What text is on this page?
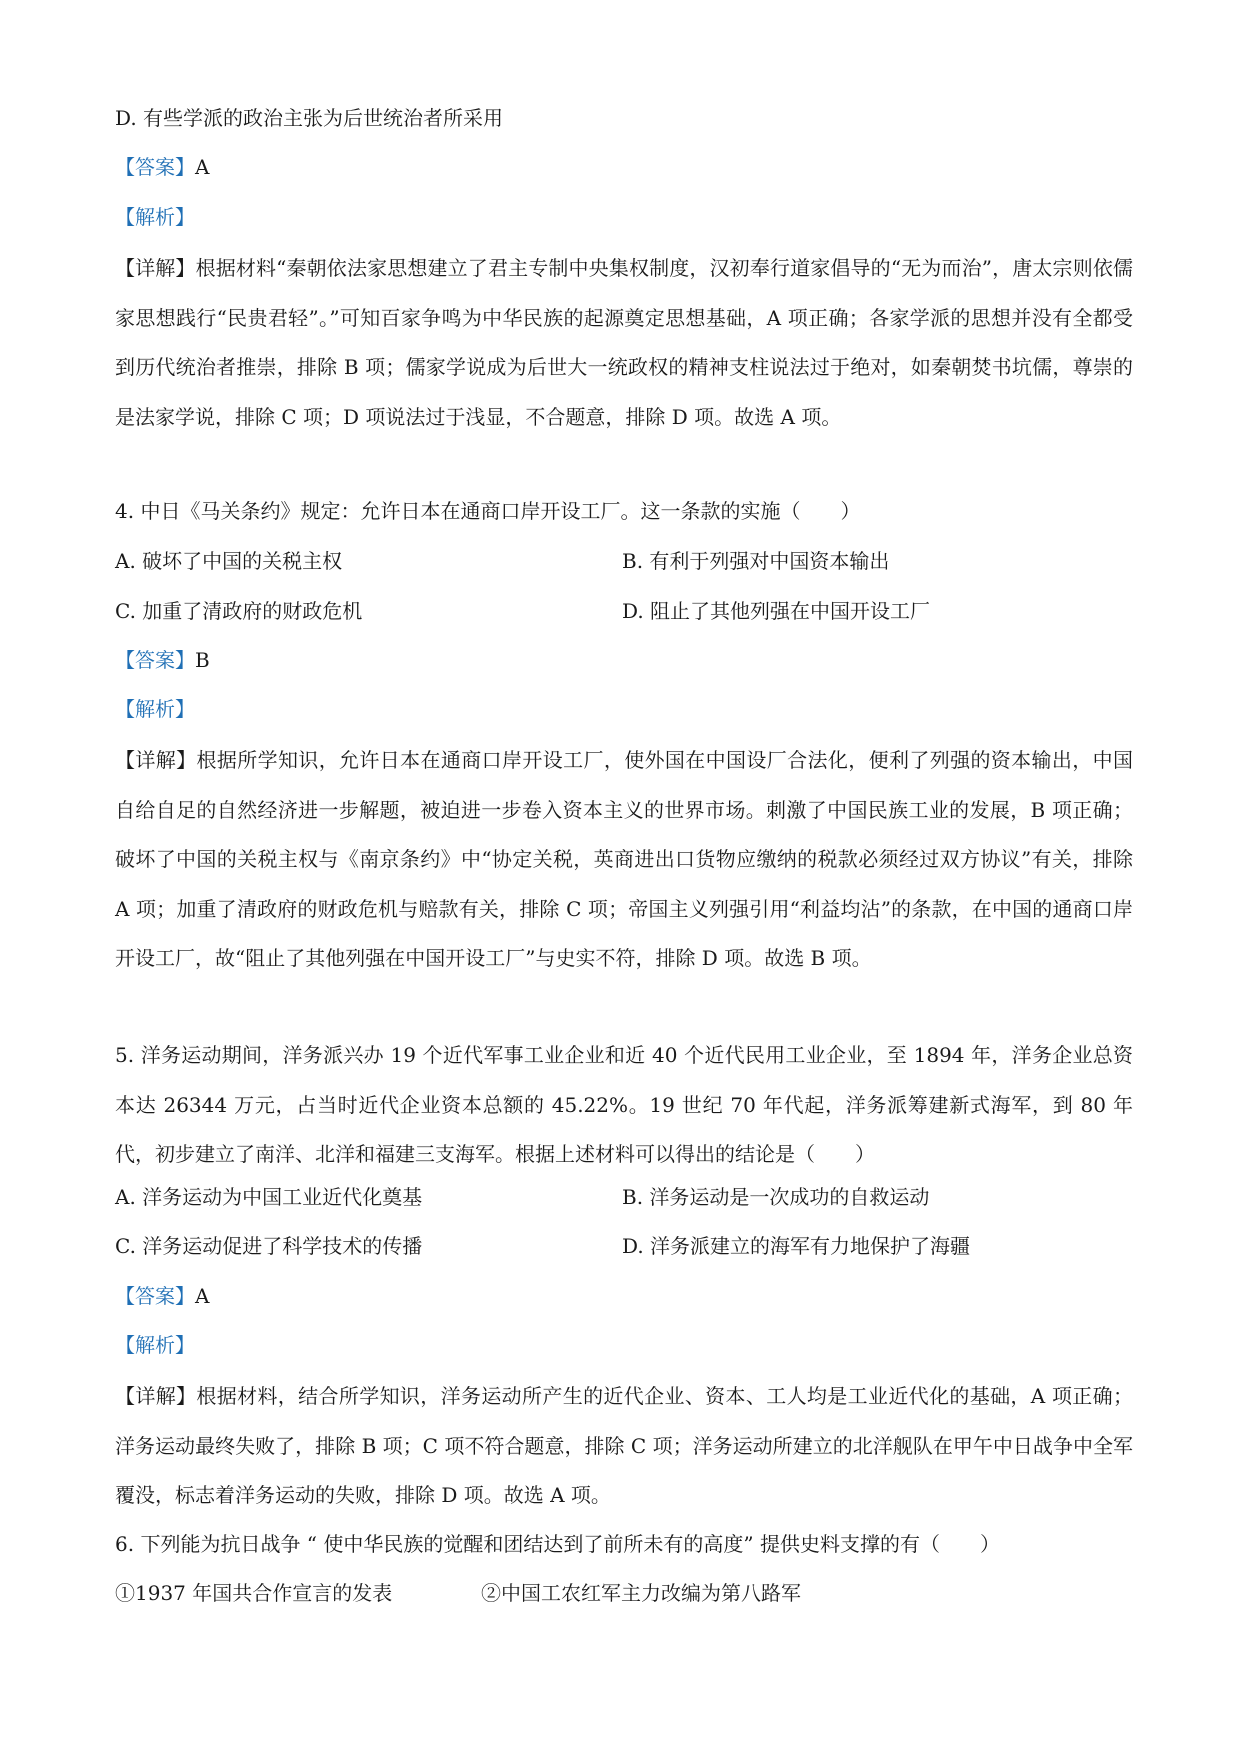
D. 有些学派的政治主张为后世统治者所采用
【答案】A
【解析】
【详解】根据材料“秦朝依法家思想建立了君主专制中央集权制度，汉初奉行道家倡导的“无为而治”，唐太宗则依儒家思想践行“民贵君轻”。”可知百家争鸣为中华民族的起源奠定思想基础，A 项正确；各家学派的思想并没有全都受到历代统治者推崇，排除 B 项；儒家学说成为后世大一统政权的精神支柱说法过于绝对，如秦朝焚书坑儒，尊崇的是法家学说，排除 C 项；D 项说法过于浅显，不合题意，排除 D 项。故选 A 项。
4. 中日《马关条约》规定：允许日本在通商口岸开设工厂。这一条款的实施（　　）
A. 破坏了中国的关税主权	B. 有利于列强对中国资本输出
C. 加重了清政府的财政危机	D. 阻止了其他列强在中国开设工厂
【答案】B
【解析】
【详解】根据所学知识，允许日本在通商口岸开设工厂，使外国在中国设厂合法化，便利了列强的资本输出，中国自给自足的自然经济进一步解题，被迫进一步卷入资本主义的世界市场。刺激了中国民族工业的发展，B 项正确；破坏了中国的关税主权与《南京条约》中“协定关税，英商进出口货物应缴纳的税款必须经过双方协议”有关，排除 A 项；加重了清政府的财政危机与赔款有关，排除 C 项；帝国主义列强引用“利益均沾”的条款，在中国的通商口岸开设工厂，故“阻止了其他列强在中国开设工厂”与史实不符，排除 D 项。故选 B 项。
5. 洋务运动期间，洋务派兴办 19 个近代军事工业企业和近 40 个近代民用工业企业，至 1894 年，洋务企业总资本达 26344 万元，占当时近代企业资本总额的 45.22%。19 世纪 70 年代起，洋务派筹建新式海军，到 80 年代，初步建立了南洋、北洋和福建三支海军。根据上述材料可以得出的结论是（　　）
A. 洋务运动为中国工业近代化奠基	B. 洋务运动是一次成功的自救运动
C. 洋务运动促进了科学技术的传播	D. 洋务派建立的海军有力地保护了海疆
【答案】A
【解析】
【详解】根据材料，结合所学知识，洋务运动所产生的近代企业、资本、工人均是工业近代化的基础，A 项正确；洋务运动最终失败了，排除 B 项；C 项不符合题意，排除 C 项；洋务运动所建立的北洋舰队在甲午中日战争中全军覆没，标志着洋务运动的失败，排除 D 项。故选 A 项。
6. 下列能为抗日战争 “ 使中华民族的觉醒和团结达到了前所未有的高度” 提供史料支撑的有（　　）
①1937 年国共合作宣言的发表	②中国工农红军主力改编为第八路军
